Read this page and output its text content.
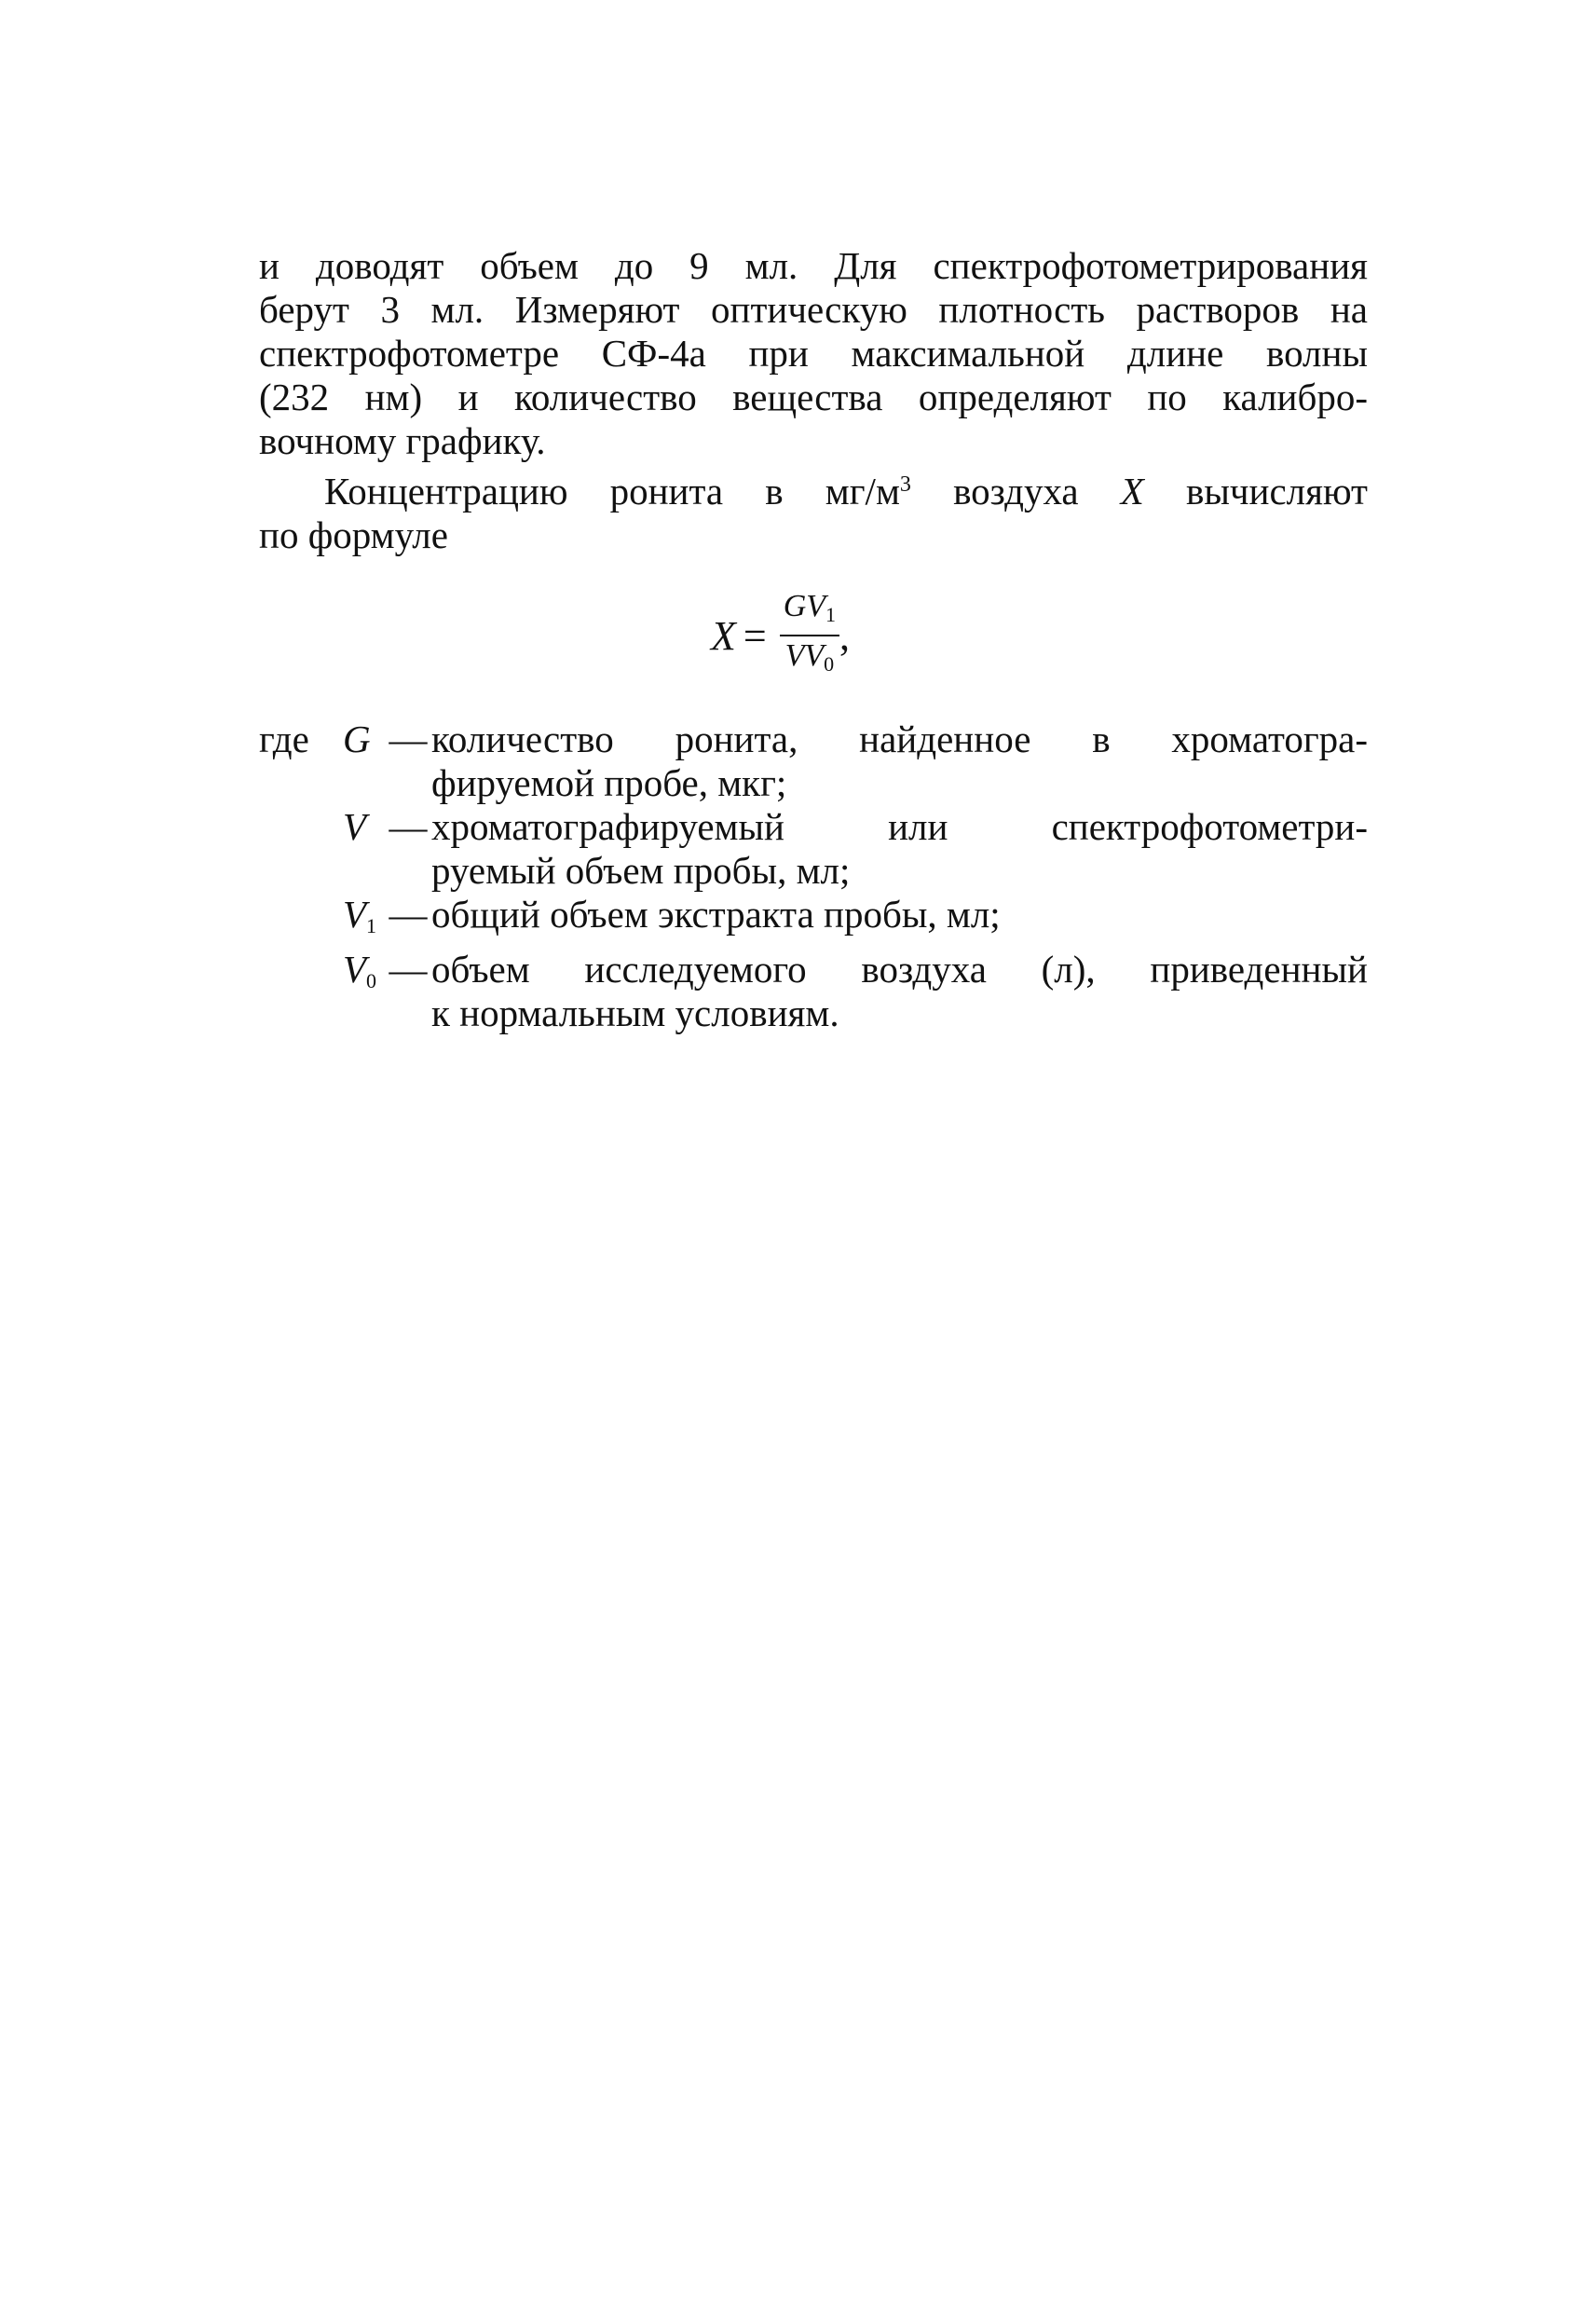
и доводят объем до 9 мл. Для спектрофотометрирования
берут 3 мл. Измеряют оптическую плотность растворов на
спектрофотометре СФ-4а при максимальной длине волны
(232 нм) и количество вещества определяют по калибро-
вочному графику.

Концентрацию ронита в $мг/м^3$ воздуха X вычисляют
по формуле

$X = \frac{GV_1}{VV_0}$ ,
где G — количество ронита, найденное в хроматогра-
фируемой пробе, мкг;
V — хроматографируемый или спектрофотометри-
руемый объем пробы, мл;
$V_1$ — общий объем экстракта пробы, мл;
$V_0$ — объем исследуемого воздуха (л), приведенный
к нормальным условиям.
